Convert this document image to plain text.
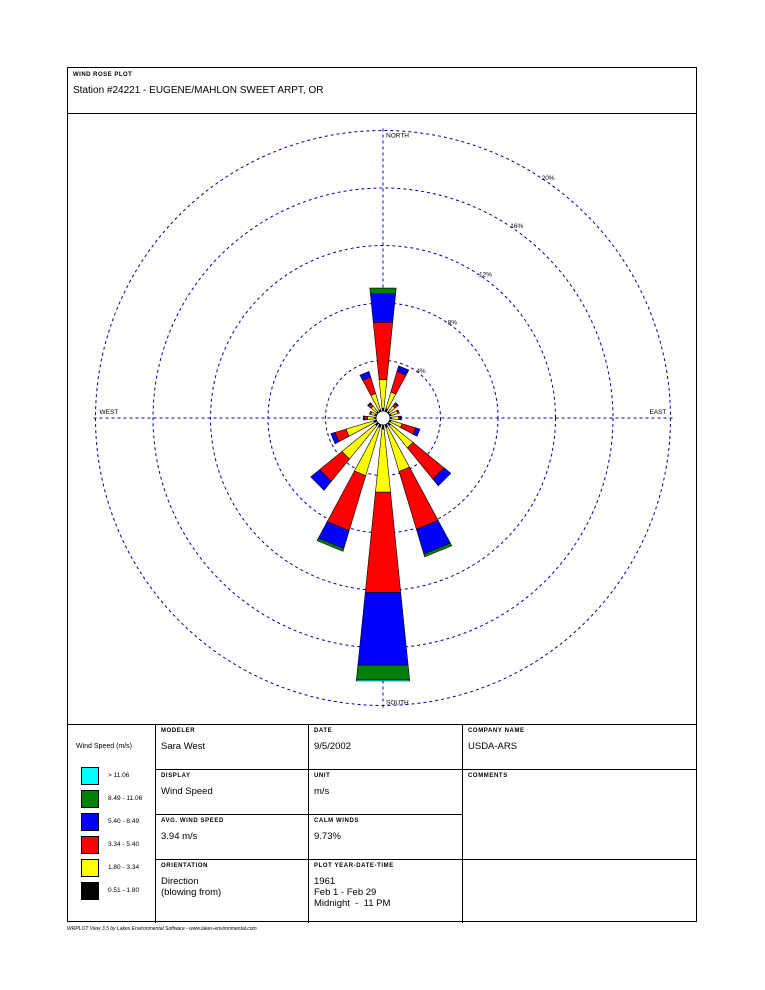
WIND ROSE PLOT
Station #24221 - EUGENE/MAHLON SWEET ARPT, OR
4%
8%
12%
16%
20%
NORTH
SOUTH
EAST
WEST
Wind Speed (m/s)
> 11.06
8.49 - 11.06
5.40 - 8.49
3.34 - 5.40
1.80 - 3.34
0.51 - 1.80
MODELER
Sara West
DATE
9/5/2002
COMPANY NAME
USDA-ARS
DISPLAY
Wind Speed
UNIT
m/s
COMMENTS
AVG. WIND SPEED
3.94 m/s
CALM WINDS
9.73%
ORIENTATION
Direction
(blowing from)
PLOT YEAR-DATE-TIME
1961
Feb 1 - Feb 29
Midnight  -  11 PM
WRPLOT View 3.5 by Lakes Environmental Software - www.lakes-environmental.com
